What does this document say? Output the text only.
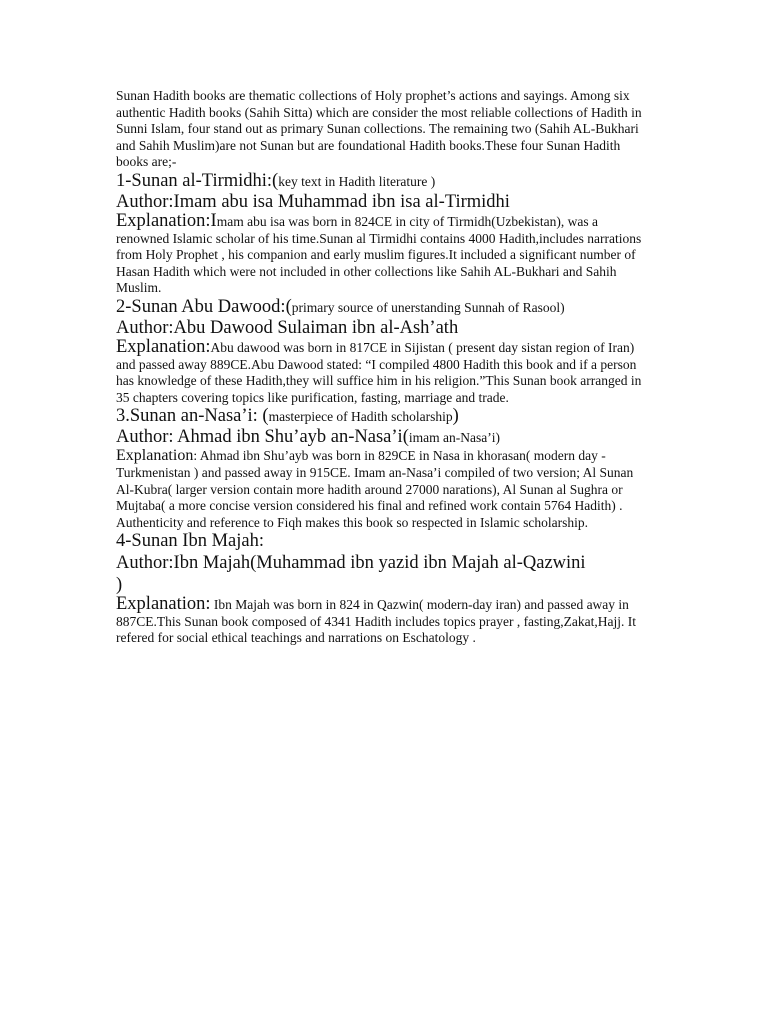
Sunan Hadith books are thematic collections of Holy prophet’s actions and sayings. Among six authentic Hadith books (Sahih Sitta) which are consider the most reliable collections of Hadith in Sunni Islam, four stand out as primary Sunan collections. The remaining two (Sahih AL-Bukhari and Sahih Muslim)are not Sunan but are foundational Hadith books.These four Sunan Hadith books are;-

1-Sunan al-Tirmidhi:(key text in Hadith literature )

Author:Imam abu isa Muhammad ibn isa al-Tirmidhi

Explanation:Imam abu isa was born in 824CE in city of Tirmidh(Uzbekistan), was a renowned Islamic scholar of his time.Sunan al Tirmidhi contains 4000 Hadith,includes narrations from Holy Prophet , his companion and early muslim figures.It included a significant number of Hasan Hadith which were not included in other collections like Sahih AL-Bukhari and Sahih Muslim.

2-Sunan Abu Dawood:(primary source of unerstanding Sunnah of Rasool)

Author:Abu Dawood Sulaiman ibn al-Ash’ath

Explanation:Abu dawood was born in 817CE in Sijistan ( present day sistan region of Iran) and passed away 889CE.Abu Dawood stated: “I compiled 4800 Hadith this book and if a person has knowledge of these Hadith,they will suffice him in his religion.”This Sunan book arranged in 35 chapters covering topics like purification, fasting, marriage and trade.

3.Sunan an-Nasa’i: (masterpiece of Hadith scholarship)

Author: Ahmad ibn Shu’ayb an-Nasa’i(imam an-Nasa’i)

Explanation: Ahmad ibn Shu’ayb was born in 829CE in Nasa in khorasan( modern day - Turkmenistan ) and passed away in 915CE. Imam an-Nasa’i compiled of two version; Al Sunan Al-Kubra( larger version contain more hadith around 27000 narations), Al Sunan al Sughra or Mujtaba( a more concise version considered his final and refined work contain 5764 Hadith) . Authenticity and reference to Fiqh makes this book so respected in Islamic scholarship.

4-Sunan Ibn Majah:

Author:Ibn Majah(Muhammad ibn yazid ibn Majah al-Qazwini )

Explanation: Ibn Majah was born in 824 in Qazwin( modern-day iran) and passed away in 887CE.This Sunan book composed of 4341 Hadith includes topics prayer , fasting,Zakat,Hajj. It refered for social ethical teachings and narrations on Eschatology .
